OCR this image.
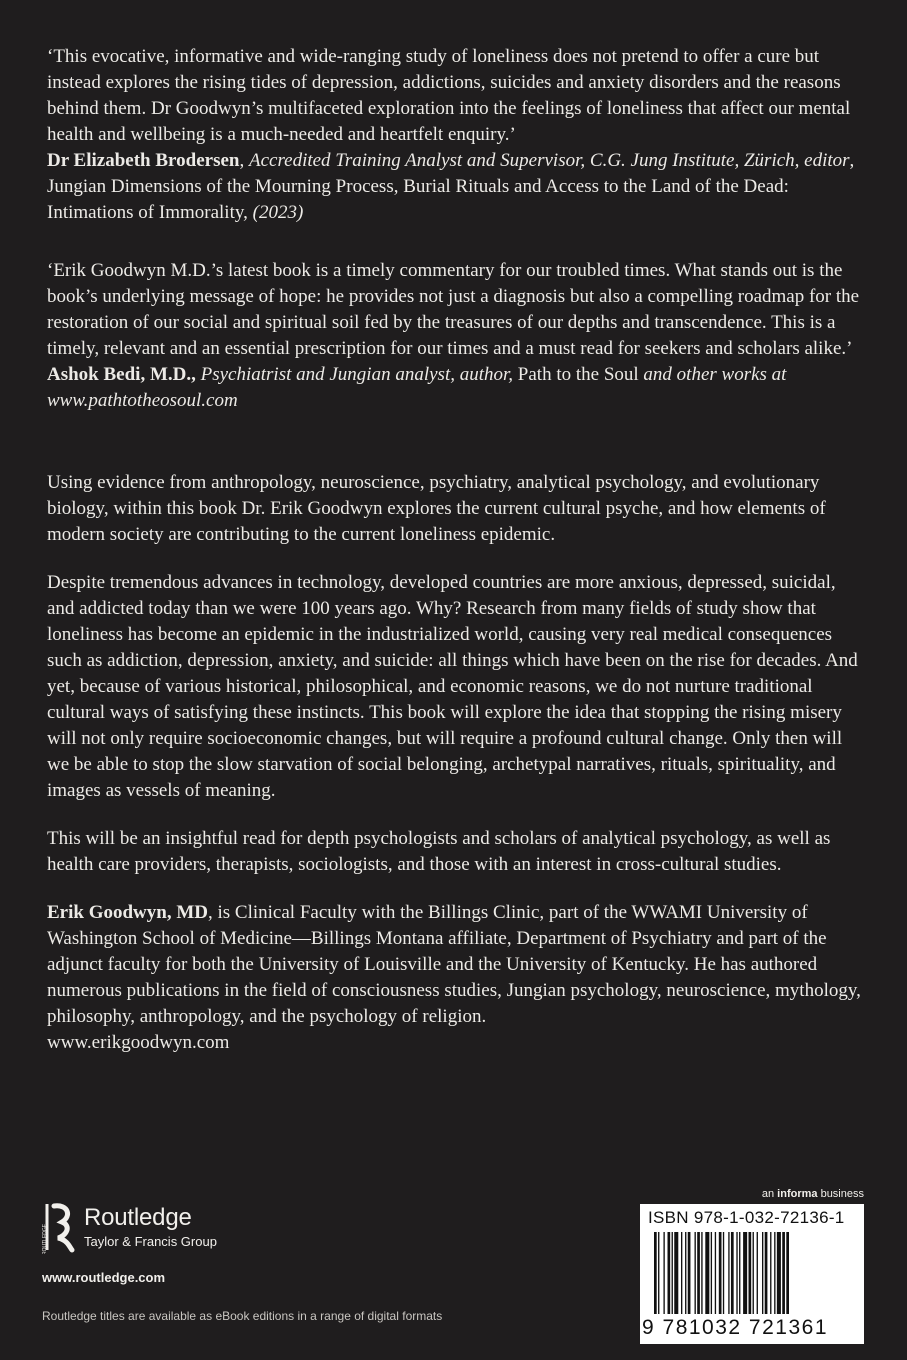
‘This evocative, informative and wide-ranging study of loneliness does not pretend to offer a cure but instead explores the rising tides of depression, addictions, suicides and anxiety disorders and the reasons behind them. Dr Goodwyn’s multifaceted exploration into the feelings of loneliness that affect our mental health and wellbeing is a much-needed and heartfelt enquiry.’

Dr Elizabeth Brodersen, Accredited Training Analyst and Supervisor, C.G. Jung Institute, Zürich, editor, Jungian Dimensions of the Mourning Process, Burial Rituals and Access to the Land of the Dead: Intimations of Immorality, (2023)

‘Erik Goodwyn M.D.’s latest book is a timely commentary for our troubled times. What stands out is the book’s underlying message of hope: he provides not just a diagnosis but also a compelling roadmap for the restoration of our social and spiritual soil fed by the treasures of our depths and transcendence. This is a timely, relevant and an essential prescription for our times and a must read for seekers and scholars alike.’

Ashok Bedi, M.D., Psychiatrist and Jungian analyst, author, Path to the Soul and other works at www.pathtotheosoul.com

Using evidence from anthropology, neuroscience, psychiatry, analytical psychology, and evolutionary biology, within this book Dr. Erik Goodwyn explores the current cultural psyche, and how elements of modern society are contributing to the current loneliness epidemic.

Despite tremendous advances in technology, developed countries are more anxious, depressed, suicidal, and addicted today than we were 100 years ago. Why? Research from many fields of study show that loneliness has become an epidemic in the industrialized world, causing very real medical consequences such as addiction, depression, anxiety, and suicide: all things which have been on the rise for decades. And yet, because of various historical, philosophical, and economic reasons, we do not nurture traditional cultural ways of satisfying these instincts. This book will explore the idea that stopping the rising misery will not only require socioeconomic changes, but will require a profound cultural change. Only then will we be able to stop the slow starvation of social belonging, archetypal narratives, rituals, spirituality, and images as vessels of meaning.

This will be an insightful read for depth psychologists and scholars of analytical psychology, as well as health care providers, therapists, sociologists, and those with an interest in cross-cultural studies.

Erik Goodwyn, MD, is Clinical Faculty with the Billings Clinic, part of the WWAMI University of Washington School of Medicine—Billings Montana affiliate, Department of Psychiatry and part of the adjunct faculty for both the University of Louisville and the University of Kentucky. He has authored numerous publications in the field of consciousness studies, Jungian psychology, neuroscience, mythology, philosophy, anthropology, and the psychology of religion.

www.erikgoodwyn.com

ROUTLEDGE
Routledge
Taylor & Francis Group
www.routledge.com
Routledge titles are available as eBook editions in a range of digital formats
an informa business
ISBN 978-1-032-72136-1
9 781032 721361
